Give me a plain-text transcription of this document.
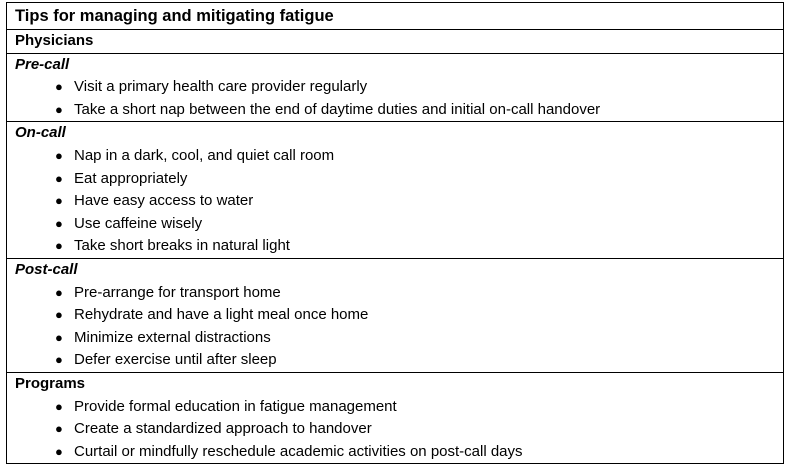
Tips for managing and mitigating fatigue
Physicians

Pre-call
● Visit a primary health care provider regularly
● Take a short nap between the end of daytime duties and initial on-call handover

On-call
● Nap in a dark, cool, and quiet call room
● Eat appropriately
● Have easy access to water
● Use caffeine wisely
● Take short breaks in natural light

Post-call
● Pre-arrange for transport home
● Rehydrate and have a light meal once home
● Minimize external distractions
● Defer exercise until after sleep

Programs
● Provide formal education in fatigue management
● Create a standardized approach to handover
● Curtail or mindfully reschedule academic activities on post-call days
